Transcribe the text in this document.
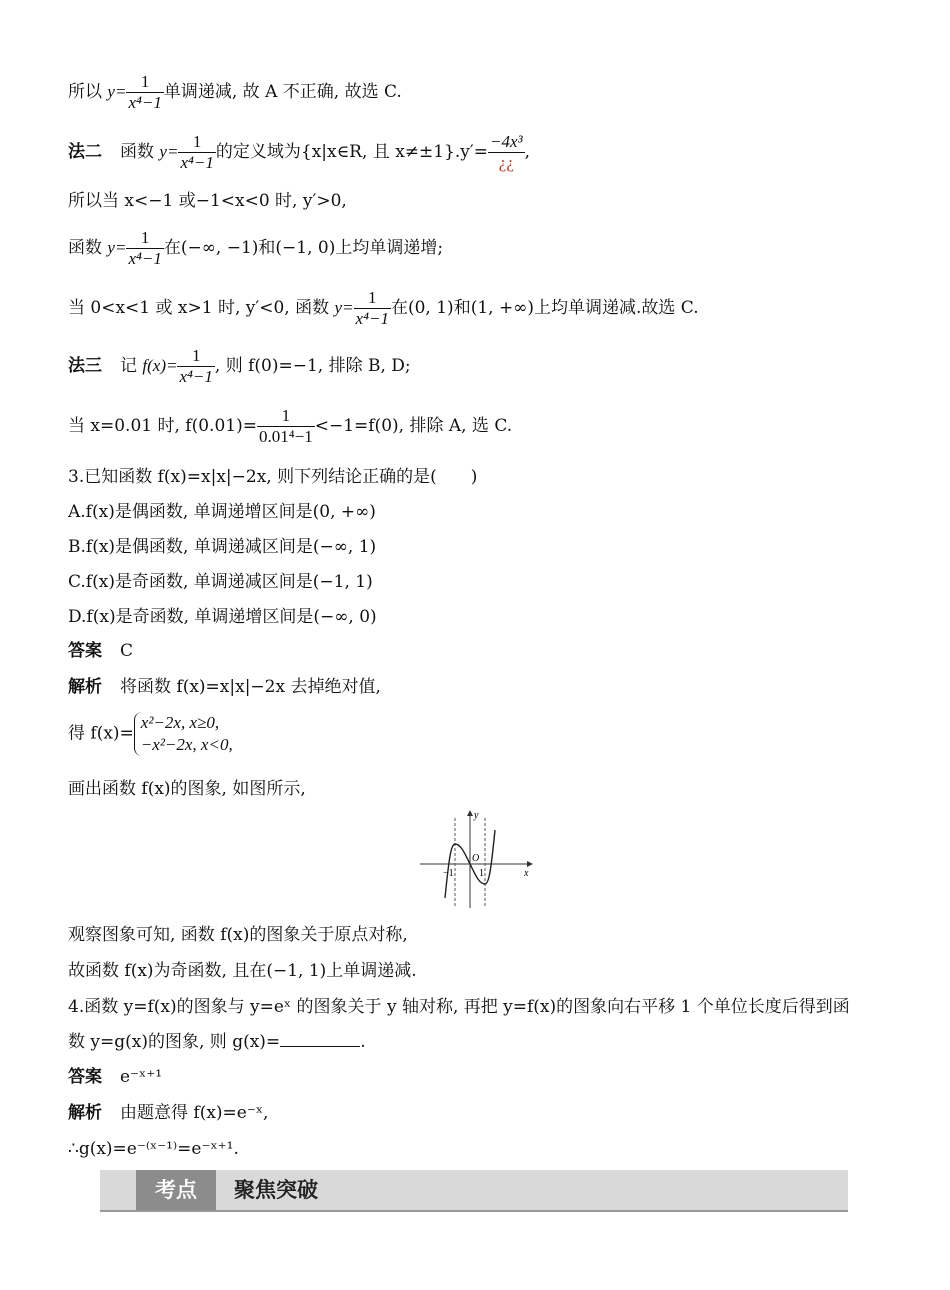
所以 $y= \frac{1}{\text{x⁴−1}}$ 单调递减, 故 A 不正确, 故选 C.
法二 函数 $y= \frac{1}{\text{x⁴−1}}$ 的定义域为{x|x∈R, 且 $x\ne\pm 1\}.y'= \frac{\text{−4x³}}{¿¿}$ ,
所以当 x<−1 或−1<x<0 时, y′>0,
函数 $y= \frac{1}{\text{x⁴−1}}$ 在(−∞, −1)和(−1, 0)上均单调递增;
当 0<x<1 或 x>1 时, y′<0, 函数 $y= \frac{1}{\text{x⁴−1}}$ 在(0, 1)和(1, +∞)上均单调递减.故选 C.
法三 记 $f(x)= \frac{1}{\text{x⁴−1}}$ , 则 f(0)=−1, 排除 B, D;
当 x=0.01 时, $f(0.01)= \frac{1}{\text{0.01⁴−1}} <-1=f(0)$, 排除 A, 选 C.
3.已知函数 f(x)=x|x|−2x, 则下列结论正确的是(　　)
A.f(x)是偶函数, 单调递增区间是(0, +∞)
B.f(x)是偶函数, 单调递减区间是(−∞, 1)
C.f(x)是奇函数, 单调递减区间是(−1, 1)
D.f(x)是奇函数, 单调递增区间是(−∞, 0)
答案 C
解析 将函数 f(x)=x|x|−2x 去掉绝对值,
得 f(x)=
x²−2x, x≥0,
−x²−2x, x<0,
画出函数 f(x)的图象, 如图所示,
y
x
O
−1	1
观察图象可知, 函数 f(x)的图象关于原点对称,
故函数 f(x)为奇函数, 且在(−1, 1)上单调递减.
4.函数 y=f(x)的图象与 y=eˣ 的图象关于 y 轴对称, 再把 y=f(x)的图象向右平移 1 个单位长度后得到函
数 y=g(x)的图象, 则 g(x)=	.
答案 e⁻ˣ⁺¹
解析 由题意得 f(x)=e⁻ˣ,
∴g(x)=e⁻⁽ˣ⁻¹⁾=e⁻ˣ⁺¹.
考点	聚焦突破
